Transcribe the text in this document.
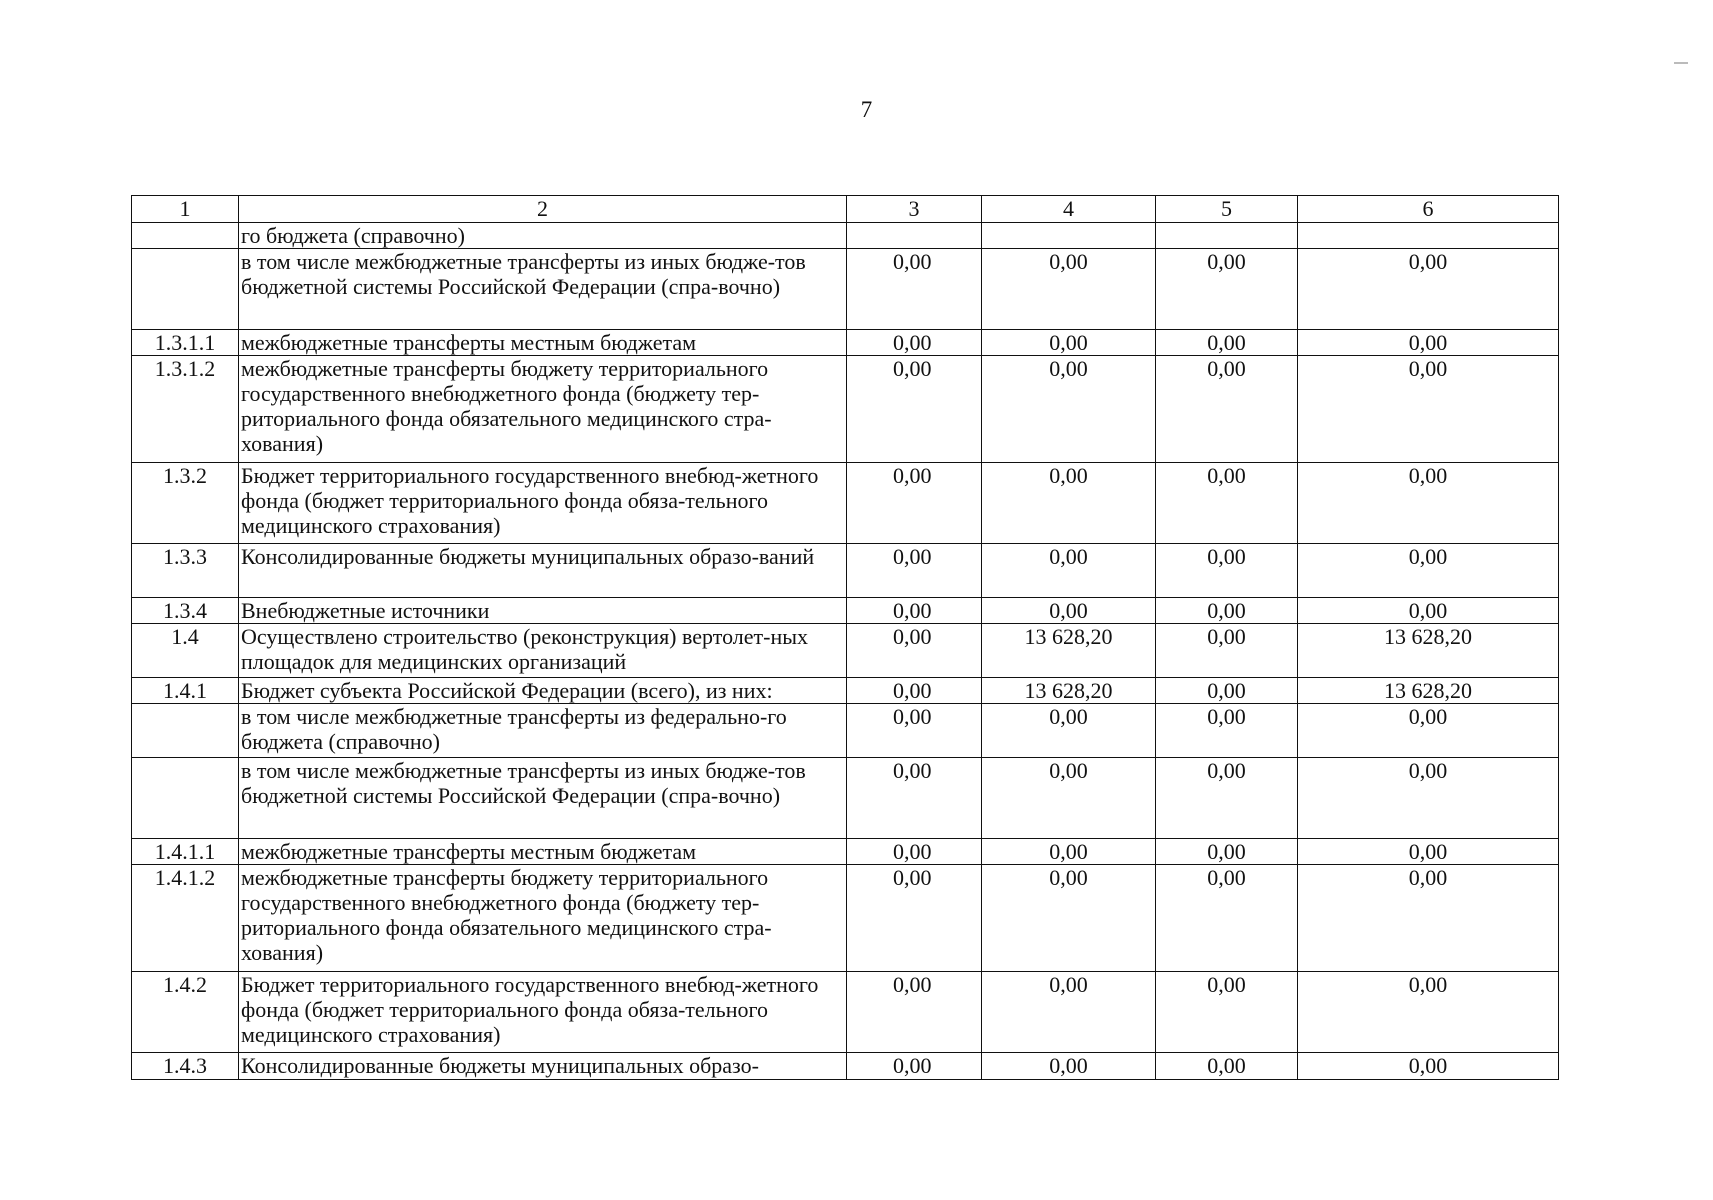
7
1	2	3	4	5	6
	го бюджета (справочно)				
	в том числе межбюджетные трансферты из иных бюдже-тов бюджетной системы Российской Федерации (спра-вочно)	0,00	0,00	0,00	0,00
1.3.1.1	межбюджетные трансферты местным бюджетам	0,00	0,00	0,00	0,00
1.3.1.2	межбюджетные трансферты бюджету территориального государственного внебюджетного фонда (бюджету тер-риториального фонда обязательного медицинского стра-хования)	0,00	0,00	0,00	0,00
1.3.2	Бюджет территориального государственного внебюд-жетного фонда (бюджет территориального фонда обяза-тельного медицинского страхования)	0,00	0,00	0,00	0,00
1.3.3	Консолидированные бюджеты муниципальных образо-ваний	0,00	0,00	0,00	0,00
1.3.4	Внебюджетные источники	0,00	0,00	0,00	0,00
1.4	Осуществлено строительство (реконструкция) вертолет-ных площадок для медицинских организаций	0,00	13 628,20	0,00	13 628,20
1.4.1	Бюджет субъекта Российской Федерации (всего), из них:	0,00	13 628,20	0,00	13 628,20
	в том числе межбюджетные трансферты из федерально-го бюджета (справочно)	0,00	0,00	0,00	0,00
	в том числе межбюджетные трансферты из иных бюдже-тов бюджетной системы Российской Федерации (спра-вочно)	0,00	0,00	0,00	0,00
1.4.1.1	межбюджетные трансферты местным бюджетам	0,00	0,00	0,00	0,00
1.4.1.2	межбюджетные трансферты бюджету территориального государственного внебюджетного фонда (бюджету тер-риториального фонда обязательного медицинского стра-хования)	0,00	0,00	0,00	0,00
1.4.2	Бюджет территориального государственного внебюд-жетного фонда (бюджет территориального фонда обяза-тельного медицинского страхования)	0,00	0,00	0,00	0,00
1.4.3	Консолидированные бюджеты муниципальных образо-	0,00	0,00	0,00	0,00
